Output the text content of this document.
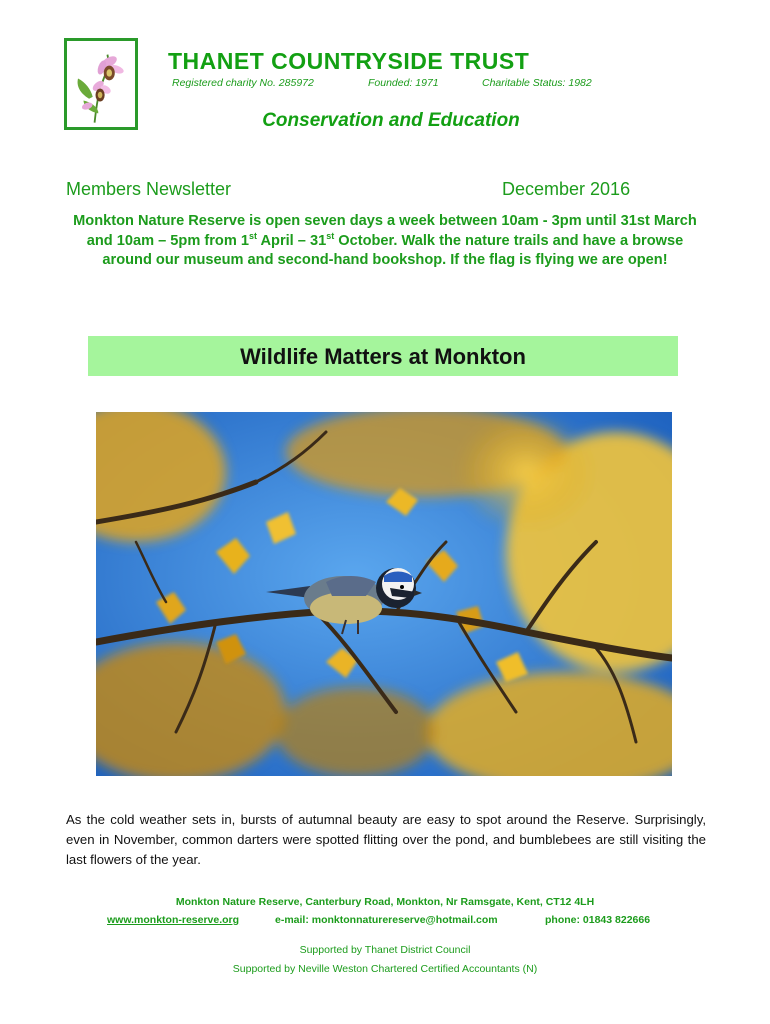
THANET COUNTRYSIDE TRUST
Registered charity No. 285972	Founded: 1971	Charitable Status: 1982
Conservation and Education
Members Newsletter	December 2016
Monkton Nature Reserve is open seven days a week between 10am - 3pm until 31st March and 10am – 5pm from 1st April – 31st October. Walk the nature trails and have a browse around our museum and second-hand bookshop. If the flag is flying we are open!
Wildlife Matters at Monkton
As the cold weather sets in, bursts of autumnal beauty are easy to spot around the Reserve. Surprisingly, even in November, common darters were spotted flitting over the pond, and bumblebees are still visiting the last flowers of the year.
Monkton Nature Reserve, Canterbury Road, Monkton, Nr Ramsgate, Kent, CT12 4LH
www.monkton-reserve.org	e-mail: monktonnaturereserve@hotmail.com	phone: 01843 822666
Supported by Thanet District Council
Supported by Neville Weston Chartered Certified Accountants (N)
